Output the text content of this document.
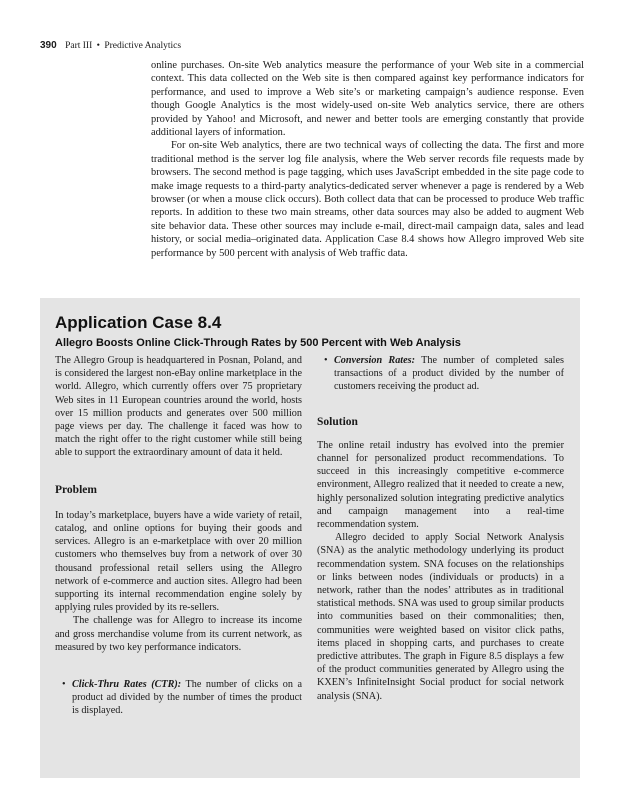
390 Part III • Predictive Analytics

online purchases. On-site Web analytics measure the performance of your Web site in a commercial context. This data collected on the Web site is then compared against key performance indicators for performance, and used to improve a Web site’s or marketing campaign’s audience response. Even though Google Analytics is the most widely-used on-site Web analytics service, there are others provided by Yahoo! and Microsoft, and newer and better tools are emerging constantly that provide additional layers of information.

For on-site Web analytics, there are two technical ways of collecting the data. The first and more traditional method is the server log file analysis, where the Web server records file requests made by browsers. The second method is page tagging, which uses JavaScript embedded in the site page code to make image requests to a third-party analytics-dedicated server whenever a page is rendered by a Web browser (or when a mouse click occurs). Both collect data that can be processed to produce Web traffic reports. In addition to these two main streams, other data sources may also be added to augment Web site behavior data. These other sources may include e-mail, direct-mail campaign data, sales and lead history, or social media–originated data. Application Case 8.4 shows how Allegro improved Web site performance by 500 percent with analysis of Web traffic data.

Application Case 8.4
Allegro Boosts Online Click-Through Rates by 500 Percent with Web Analysis

The Allegro Group is headquartered in Posnan, Poland, and is considered the largest non-eBay online marketplace in the world. Allegro, which currently offers over 75 proprietary Web sites in 11 European countries around the world, hosts over 15 million products and generates over 500 million page views per day. The challenge it faced was how to match the right offer to the right customer while still being able to support the extraordinary amount of data it held.

Problem

In today’s marketplace, buyers have a wide variety of retail, catalog, and online options for buying their goods and services. Allegro is an e-marketplace with over 20 million customers who themselves buy from a network of over 30 thousand professional retail sellers using the Allegro network of e-commerce and auction sites. Allegro had been supporting its internal recommendation engine solely by applying rules provided by its re-sellers.

The challenge was for Allegro to increase its income and gross merchandise volume from its current network, as measured by two key performance indicators.

• Click-Thru Rates (CTR): The number of clicks on a product ad divided by the number of times the product is displayed.
• Conversion Rates: The number of completed sales transactions of a product divided by the number of customers receiving the product ad.
Solution

The online retail industry has evolved into the premier channel for personalized product recommendations. To succeed in this increasingly competitive e-commerce environment, Allegro realized that it needed to create a new, highly personalized solution integrating predictive analytics and campaign management into a real-time recommendation system.

Allegro decided to apply Social Network Analysis (SNA) as the analytic methodology underlying its product recommendation system. SNA focuses on the relationships or links between nodes (individuals or products) in a network, rather than the nodes’ attributes as in traditional statistical methods. SNA was used to group similar products into communities based on their commonalities; then, communities were weighted based on visitor click paths, items placed in shopping carts, and purchases to create predictive attributes. The graph in Figure 8.5 displays a few of the product communities generated by Allegro using the KXEN’s InfiniteInsight Social product for social network analysis (SNA).
